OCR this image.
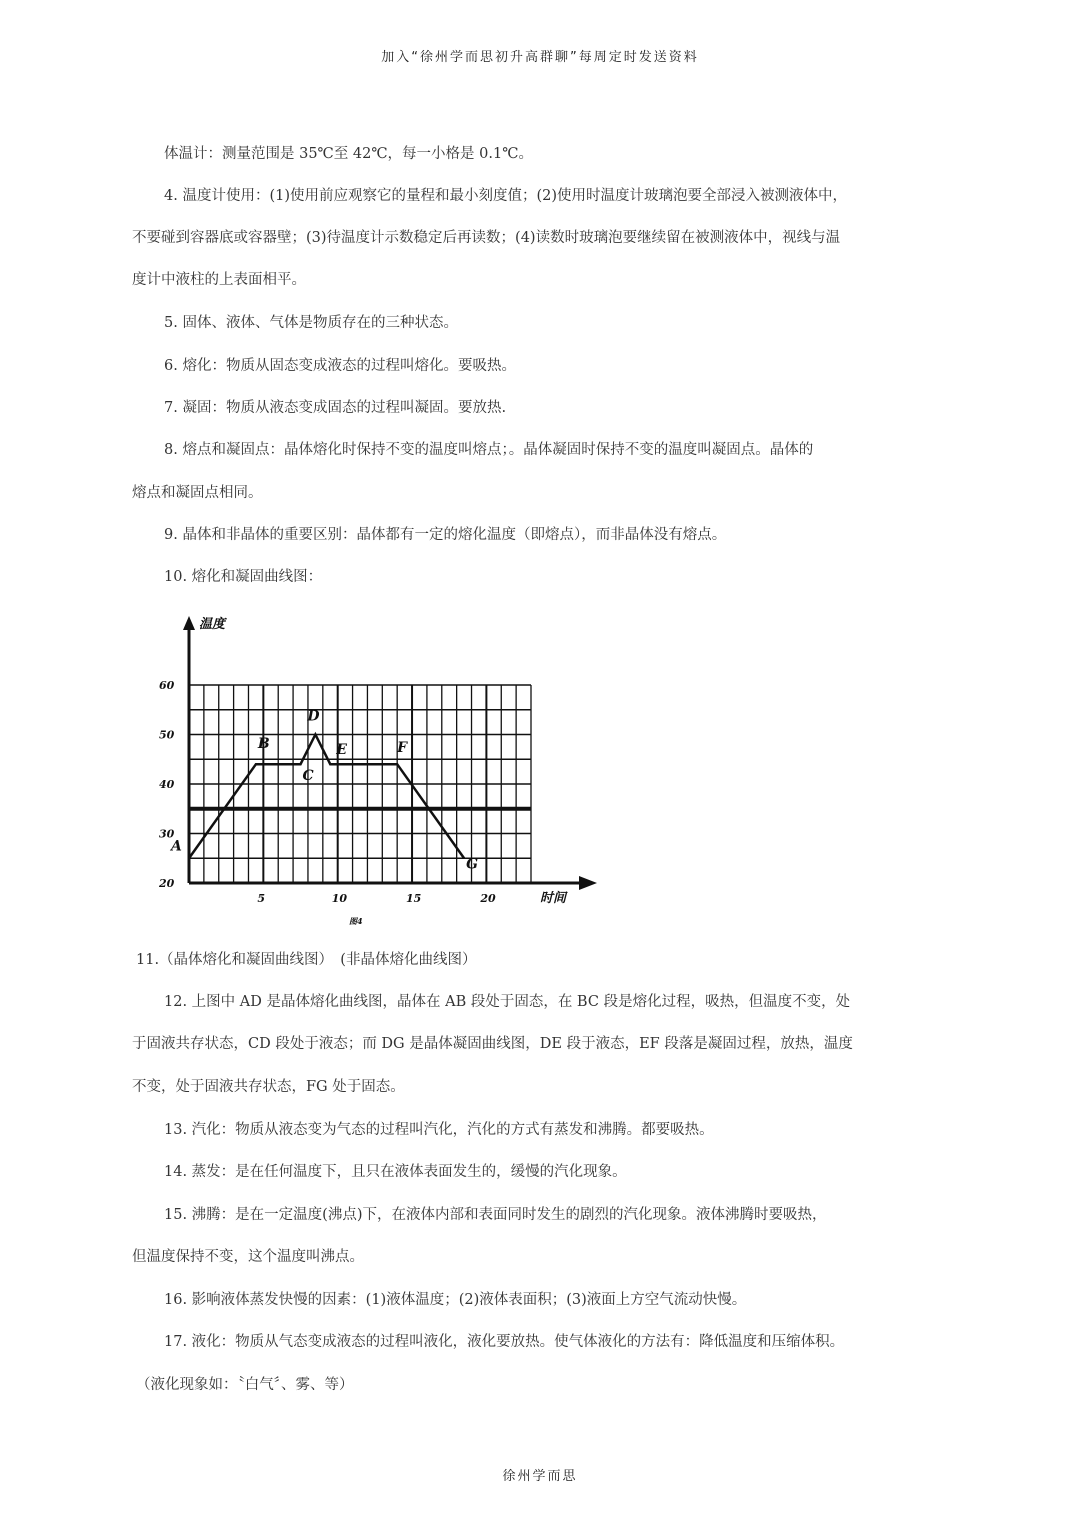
加入“徐州学而思初升高群聊”每周定时发送资料
体温计：测量范围是 35℃至 42℃，每一小格是 0.1℃。
4. 温度计使用：(1)使用前应观察它的量程和最小刻度值；(2)使用时温度计玻璃泡要全部浸入被测液体中，
不要碰到容器底或容器壁；(3)待温度计示数稳定后再读数；(4)读数时玻璃泡要继续留在被测液体中，视线与温
度计中液柱的上表面相平。
5. 固体、液体、气体是物质存在的三种状态。
6. 熔化：物质从固态变成液态的过程叫熔化。要吸热。
7. 凝固：物质从液态变成固态的过程叫凝固。要放热.
8. 熔点和凝固点：晶体熔化时保持不变的温度叫熔点；。晶体凝固时保持不变的温度叫凝固点。晶体的
熔点和凝固点相同。
9. 晶体和非晶体的重要区别：晶体都有一定的熔化温度（即熔点），而非晶体没有熔点。
10. 熔化和凝固曲线图：
20
30
40
50
60
5	10	15	20
A
B
C
D
E	F
G
温度
时间
图4
11.（晶体熔化和凝固曲线图）　(非晶体熔化曲线图）
12. 上图中 AD 是晶体熔化曲线图，晶体在 AB 段处于固态，在 BC 段是熔化过程，吸热，但温度不变，处
于固液共存状态，CD 段处于液态；而 DG 是晶体凝固曲线图，DE 段于液态，EF 段落是凝固过程，放热，温度
不变，处于固液共存状态，FG 处于固态。
13. 汽化：物质从液态变为气态的过程叫汽化，汽化的方式有蒸发和沸腾。都要吸热。
14. 蒸发：是在任何温度下，且只在液体表面发生的，缓慢的汽化现象。
15. 沸腾：是在一定温度(沸点)下，在液体内部和表面同时发生的剧烈的汽化现象。液体沸腾时要吸热，
但温度保持不变，这个温度叫沸点。
16. 影响液体蒸发快慢的因素：(1)液体温度；(2)液体表面积；(3)液面上方空气流动快慢。
17. 液化：物质从气态变成液态的过程叫液化，液化要放热。使气体液化的方法有：降低温度和压缩体积。
（液化现象如：〝白气〞、雾、等）
徐州学而思
